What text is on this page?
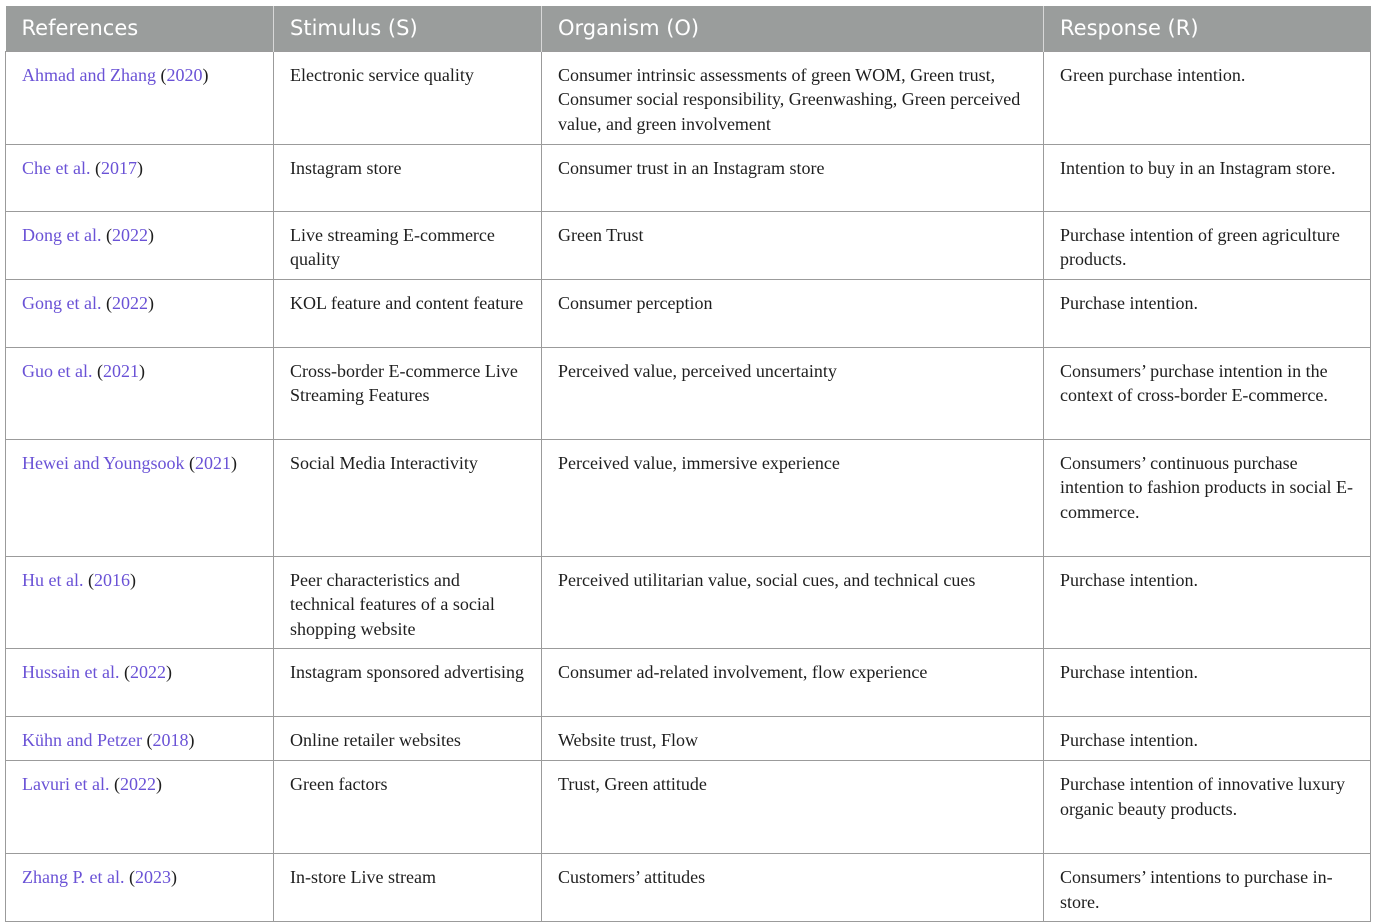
References	Stimulus (S)	Organism (O)	Response (R)
Ahmad and Zhang (2020)	Electronic service quality	Consumer intrinsic assessments of green WOM, Green trust, Consumer social responsibility, Greenwashing, Green perceived value, and green involvement	Green purchase intention.
Che et al. (2017)	Instagram store	Consumer trust in an Instagram store	Intention to buy in an Instagram store.
Dong et al. (2022)	Live streaming E-commerce quality	Green Trust	Purchase intention of green agriculture products.
Gong et al. (2022)	KOL feature and content feature	Consumer perception	Purchase intention.
Guo et al. (2021)	Cross-border E-commerce Live Streaming Features	Perceived value, perceived uncertainty	Consumers’ purchase intention in the context of cross-border E-commerce.
Hewei and Youngsook (2021)	Social Media Interactivity	Perceived value, immersive experience	Consumers’ continuous purchase intention to fashion products in social E-commerce.
Hu et al. (2016)	Peer characteristics and technical features of a social shopping website	Perceived utilitarian value, social cues, and technical cues	Purchase intention.
Hussain et al. (2022)	Instagram sponsored advertising	Consumer ad-related involvement, flow experience	Purchase intention.
Kühn and Petzer (2018)	Online retailer websites	Website trust, Flow	Purchase intention.
Lavuri et al. (2022)	Green factors	Trust, Green attitude	Purchase intention of innovative luxury organic beauty products.
Zhang P. et al. (2023)	In-store Live stream	Customers’ attitudes	Consumers’ intentions to purchase in-store.
